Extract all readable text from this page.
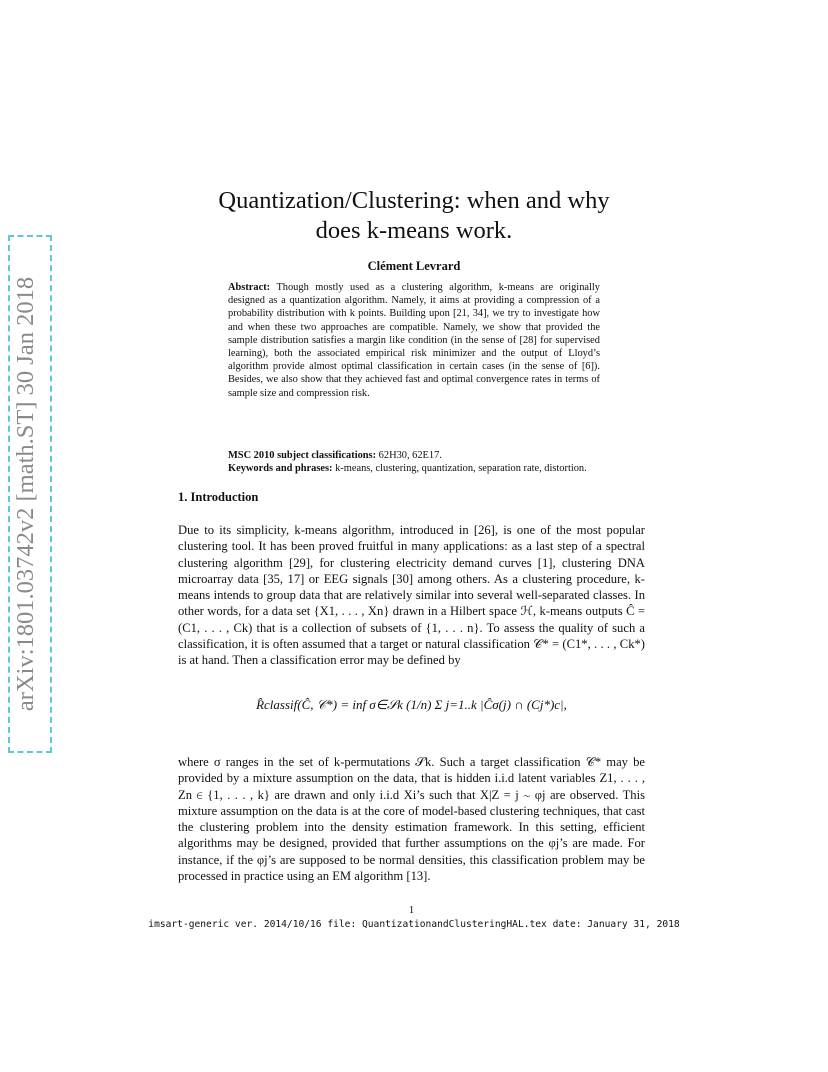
arXiv:1801.03742v2 [math.ST] 30 Jan 2018
Quantization/Clustering: when and why
does k-means work.
Clément Levrard
Abstract: Though mostly used as a clustering algorithm, k-means are originally designed as a quantization algorithm. Namely, it aims at providing a compression of a probability distribution with k points. Building upon [21, 34], we try to investigate how and when these two approaches are compatible. Namely, we show that provided the sample distribution satisfies a margin like condition (in the sense of [28] for supervised learning), both the associated empirical risk minimizer and the output of Lloyd’s algorithm provide almost optimal classification in certain cases (in the sense of [6]). Besides, we also show that they achieved fast and optimal convergence rates in terms of sample size and compression risk.
MSC 2010 subject classifications: 62H30, 62E17.
Keywords and phrases: k-means, clustering, quantization, separation rate, distortion.
1. Introduction
Due to its simplicity, k-means algorithm, introduced in [26], is one of the most popular clustering tool. It has been proved fruitful in many applications: as a last step of a spectral clustering algorithm [29], for clustering electricity demand curves [1], clustering DNA microarray data [35, 17] or EEG signals [30] among others. As a clustering procedure, k-means intends to group data that are relatively similar into several well-separated classes. In other words, for a data set {X1, . . . , Xn} drawn in a Hilbert space ℋ, k-means outputs Ĉ = (C1, . . . , Ck) that is a collection of subsets of {1, . . . n}. To assess the quality of such a classification, it is often assumed that a target or natural classification 𝒞* = (C1*, . . . , Ck*) is at hand. Then a classification error may be defined by
R̂classif(Ĉ, 𝒞*) = inf σ∈𝒮k (1/n) Σ j=1..k |Ĉσ(j) ∩ (Cj*)c|,
where σ ranges in the set of k-permutations 𝒮k. Such a target classification 𝒞* may be provided by a mixture assumption on the data, that is hidden i.i.d latent variables Z1, . . . , Zn ∈ {1, . . . , k} are drawn and only i.i.d Xi’s such that X|Z = j ∼ φj are observed. This mixture assumption on the data is at the core of model-based clustering techniques, that cast the clustering problem into the density estimation framework. In this setting, efficient algorithms may be designed, provided that further assumptions on the φj’s are made. For instance, if the φj’s are supposed to be normal densities, this classification problem may be processed in practice using an EM algorithm [13].
1
imsart-generic ver. 2014/10/16 file: QuantizationandClusteringHAL.tex date: January 31, 2018
